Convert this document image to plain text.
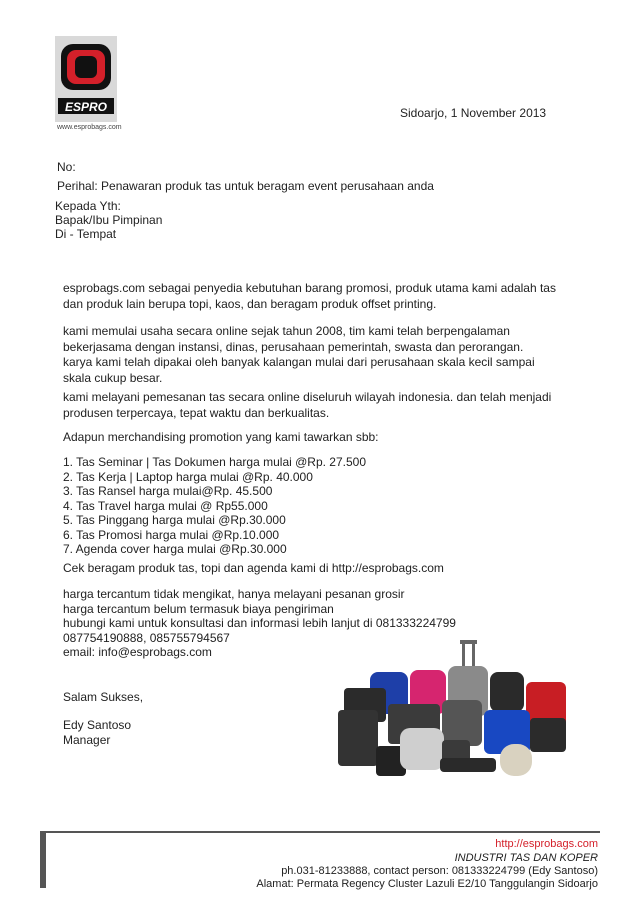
ESPRO
www.esprobags.com
Sidoarjo, 1 November 2013
No:
Perihal: Penawaran produk tas untuk beragam event perusahaan anda
Kepada Yth:
Bapak/Ibu Pimpinan
Di - Tempat
esprobags.com sebagai penyedia kebutuhan barang promosi, produk utama kami adalah tas
dan produk lain berupa topi, kaos, dan beragam produk offset printing.
kami memulai usaha secara online sejak tahun 2008, tim kami telah berpengalaman
bekerjasama dengan instansi, dinas, perusahaan pemerintah, swasta dan perorangan.
karya kami telah dipakai oleh banyak kalangan mulai dari perusahaan skala kecil sampai
skala cukup besar.
kami melayani pemesanan tas secara online diseluruh wilayah indonesia. dan telah menjadi
produsen terpercaya, tepat waktu dan berkualitas.
Adapun merchandising promotion yang kami tawarkan sbb:
1. Tas Seminar | Tas Dokumen harga mulai @Rp. 27.500
2. Tas Kerja | Laptop harga mulai @Rp. 40.000
3. Tas Ransel harga mulai@Rp. 45.500
4. Tas Travel harga mulai @ Rp55.000
5. Tas Pinggang harga mulai @Rp.30.000
6. Tas Promosi harga mulai @Rp.10.000
7. Agenda cover harga mulai @Rp.30.000
Cek beragam produk tas, topi dan agenda kami di http://esprobags.com
harga tercantum tidak mengikat, hanya melayani pesanan grosir
harga tercantum belum termasuk biaya pengiriman
hubungi kami untuk konsultasi dan informasi lebih lanjut di 081333224799
087754190888, 085755794567
email: info@esprobags.com
Salam Sukses,
Edy Santoso
Manager
http://esprobags.com
INDUSTRI TAS DAN KOPER
ph.031-81233888, contact person: 081333224799 (Edy Santoso)
Alamat: Permata Regency Cluster Lazuli E2/10 Tanggulangin Sidoarjo
